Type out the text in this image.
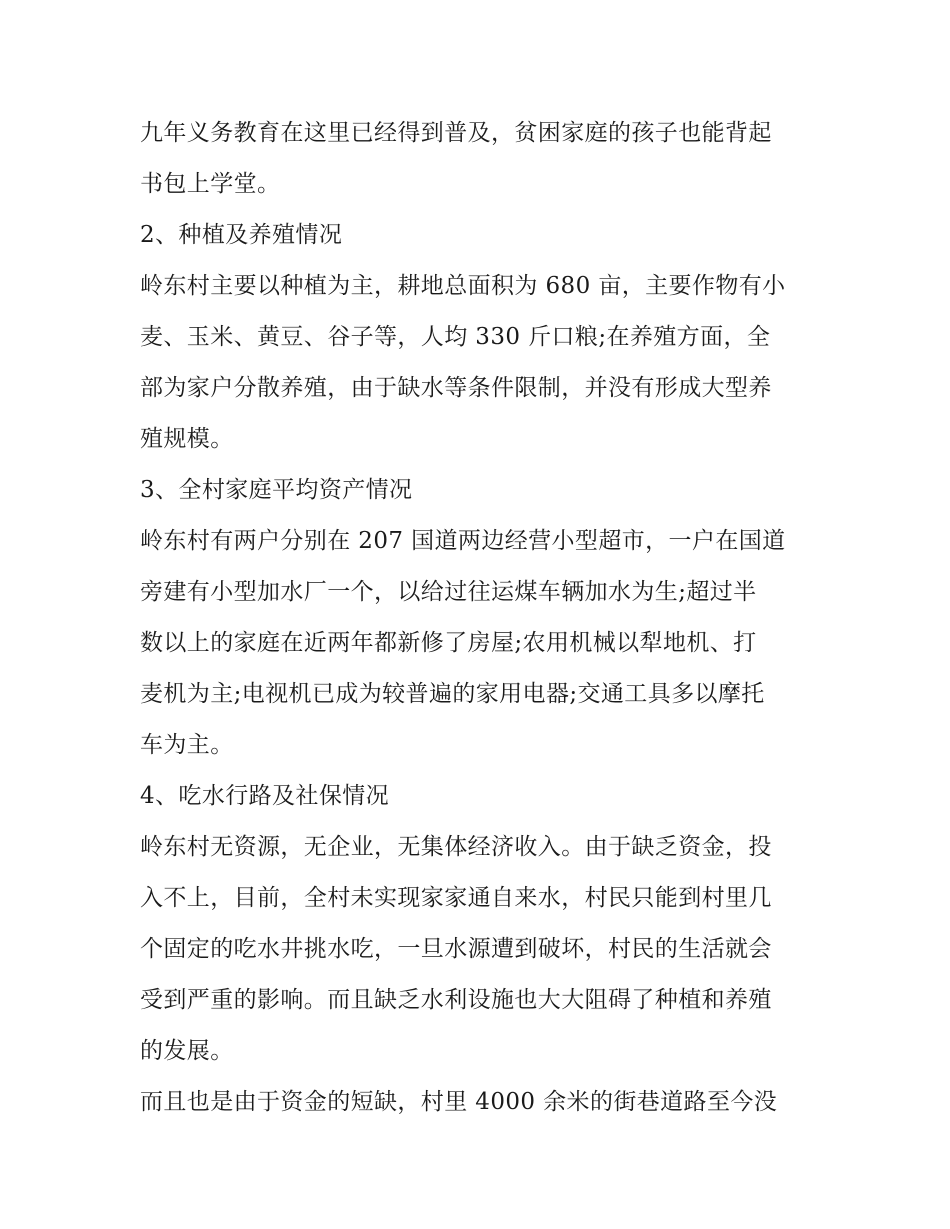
九年义务教育在这里已经得到普及，贫困家庭的孩子也能背起
书包上学堂。
2、种植及养殖情况
岭东村主要以种植为主，耕地总面积为 680 亩，主要作物有小
麦、玉米、黄豆、谷子等，人均 330 斤口粮;在养殖方面，全
部为家户分散养殖，由于缺水等条件限制，并没有形成大型养
殖规模。
3、全村家庭平均资产情况
岭东村有两户分别在 207 国道两边经营小型超市，一户在国道
旁建有小型加水厂一个，以给过往运煤车辆加水为生;超过半
数以上的家庭在近两年都新修了房屋;农用机械以犁地机、打
麦机为主;电视机已成为较普遍的家用电器;交通工具多以摩托
车为主。
4、吃水行路及社保情况
岭东村无资源，无企业，无集体经济收入。由于缺乏资金，投
入不上，目前，全村未实现家家通自来水，村民只能到村里几
个固定的吃水井挑水吃，一旦水源遭到破坏，村民的生活就会
受到严重的影响。而且缺乏水利设施也大大阻碍了种植和养殖
的发展。
而且也是由于资金的短缺，村里 4000 余米的街巷道路至今没
